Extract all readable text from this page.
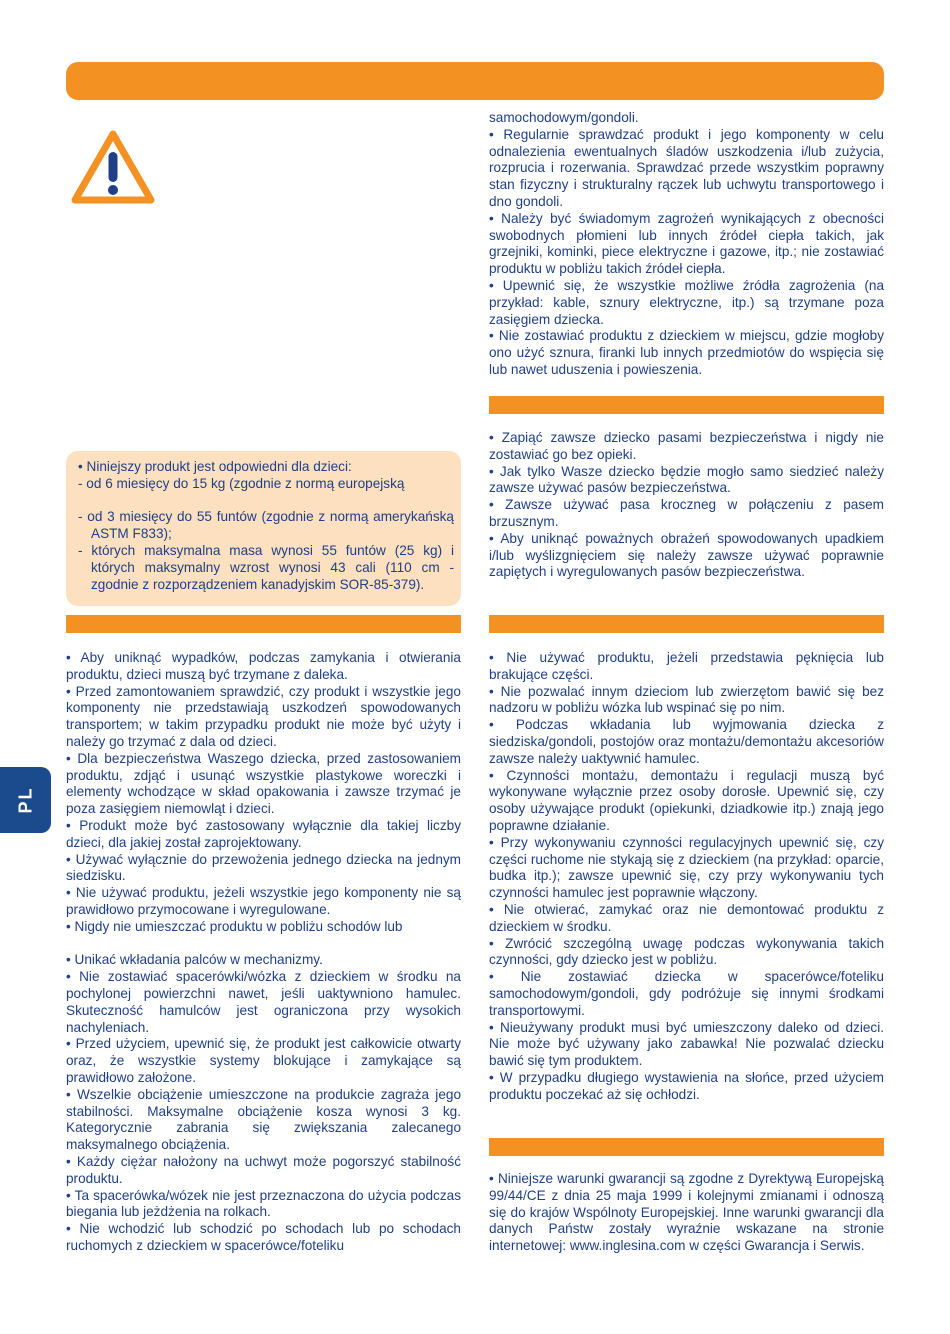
samochodowym/gondoli.

• Regularnie sprawdzać produkt i jego komponenty w celu odnalezienia ewentualnych śladów uszkodzenia i/lub zużycia, rozprucia i rozerwania. Sprawdzać przede wszystkim poprawny stan fizyczny i strukturalny rączek lub uchwytu transportowego i dno gondoli.

• Należy być świadomym zagrożeń wynikających z obecności swobodnych płomieni lub innych źródeł ciepła takich, jak grzejniki, kominki, piece elektryczne i gazowe, itp.; nie zostawiać produktu w pobliżu takich źródeł ciepła.

• Upewnić się, że wszystkie możliwe źródła zagrożenia (na przykład: kable, sznury elektryczne, itp.) są trzymane poza zasięgiem dziecka.

• Nie zostawiać produktu z dzieckiem w miejscu, gdzie mogłoby ono użyć sznura, firanki lub innych przedmiotów do wspięcia się lub nawet uduszenia i powieszenia.

• Zapiąć zawsze dziecko pasami bezpieczeństwa i nigdy nie zostawiać go bez opieki.

• Jak tylko Wasze dziecko będzie mogło samo siedzieć należy zawsze używać pasów bezpieczeństwa.

• Zawsze używać pasa kroczneg w połączeniu z pasem brzusznym.

• Aby uniknąć poważnych obrażeń spowodowanych upadkiem i/lub wyślizgnięciem się należy zawsze używać poprawnie zapiętych i wyregulowanych pasów bezpieczeństwa.

• Niniejszy produkt jest odpowiedni dla dzieci:

- od 6 miesięcy do 15 kg (zgodnie z normą europejską

- od 3 miesięcy do 55 funtów (zgodnie z normą amerykańską ASTM F833);

- których maksymalna masa wynosi 55 funtów (25 kg) i których maksymalny wzrost wynosi 43 cali (110 cm - zgodnie z rozporządzeniem kanadyjskim SOR-85-379).

• Aby uniknąć wypadków, podczas zamykania i otwierania produktu, dzieci muszą być trzymane z daleka.

• Przed zamontowaniem sprawdzić, czy produkt i wszystkie jego komponenty nie przedstawiają uszkodzeń spowodowanych transportem; w takim przypadku produkt nie może być użyty i należy go trzymać z dala od dzieci.

• Dla bezpieczeństwa Waszego dziecka, przed zastosowaniem produktu, zdjąć i usunąć wszystkie plastykowe woreczki i elementy wchodzące w skład opakowania i zawsze trzymać je poza zasięgiem niemowląt i dzieci.

• Produkt może być zastosowany wyłącznie dla takiej liczby dzieci, dla jakiej został zaprojektowany.

• Używać wyłącznie do przewożenia jednego dziecka na jednym siedzisku.

• Nie używać produktu, jeżeli wszystkie jego komponenty nie są prawidłowo przymocowane i wyregulowane.

• Nigdy nie umieszczać produktu w pobliżu schodów lub

• Unikać wkładania palców w mechanizmy.

• Nie zostawiać spacerówki/wózka z dzieckiem w środku na pochylonej powierzchni nawet, jeśli uaktywniono hamulec. Skuteczność hamulców jest ograniczona przy wysokich nachyleniach.

• Przed użyciem, upewnić się, że produkt jest całkowicie otwarty oraz, że wszystkie systemy blokujące i zamykające są prawidłowo założone.

• Wszelkie obciążenie umieszczone na produkcie zagraża jego stabilności. Maksymalne obciążenie kosza wynosi 3 kg. Kategorycznie zabrania się zwiększania zalecanego maksymalnego obciążenia.

• Każdy ciężar nałożony na uchwyt może pogorszyć stabilność produktu.

• Ta spacerówka/wózek nie jest przeznaczona do użycia podczas biegania lub jeżdżenia na rolkach.

• Nie wchodzić lub schodzić po schodach lub po schodach ruchomych z dzieckiem w spacerówce/foteliku

• Nie używać produktu, jeżeli przedstawia pęknięcia lub brakujące części.

• Nie pozwalać innym dzieciom lub zwierzętom bawić się bez nadzoru w pobliżu wózka lub wspinać się po nim.

• Podczas wkładania lub wyjmowania dziecka z siedziska/gondoli, postojów oraz montażu/demontażu akcesoriów zawsze należy uaktywnić hamulec.

• Czynności montażu, demontażu i regulacji muszą być wykonywane wyłącznie przez osoby dorosłe. Upewnić się, czy osoby używające produkt (opiekunki, dziadkowie itp.) znają jego poprawne działanie.

• Przy wykonywaniu czynności regulacyjnych upewnić się, czy części ruchome nie stykają się z dzieckiem (na przykład: oparcie, budka itp.); zawsze upewnić się, czy przy wykonywaniu tych czynności hamulec jest poprawnie włączony.

• Nie otwierać, zamykać oraz nie demontować produktu z dzieckiem w środku.

• Zwrócić szczególną uwagę podczas wykonywania takich czynności, gdy dziecko jest w pobliżu.

• Nie zostawiać dziecka w spacerówce/foteliku samochodowym/gondoli, gdy podróżuje się innymi środkami transportowymi.

• Nieużywany produkt musi być umieszczony daleko od dzieci. Nie może być używany jako zabawka! Nie pozwalać dziecku bawić się tym produktem.

• W przypadku długiego wystawienia na słońce, przed użyciem produktu poczekać aż się ochłodzi.

• Niniejsze warunki gwarancji są zgodne z Dyrektywą Europejską 99/44/CE z dnia 25 maja 1999 i kolejnymi zmianami i odnoszą się do krajów Wspólnoty Europejskiej. Inne warunki gwarancji dla danych Państw zostały wyraźnie wskazane na stronie internetowej: www.inglesina.com w części Gwarancja i Serwis.

PL
